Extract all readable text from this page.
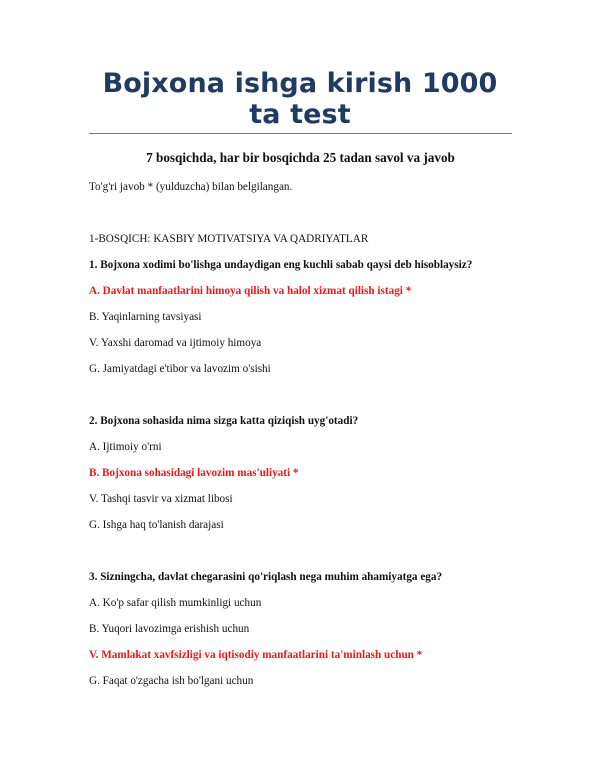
Bojxona ishga kirish 1000 ta test
7 bosqichda, har bir bosqichda 25 tadan savol va javob
To'g'ri javob * (yulduzcha) bilan belgilangan.
1-BOSQICH: KASBIY MOTIVATSIYA VA QADRIYATLAR
1. Bojxona xodimi bo'lishga undaydigan eng kuchli sabab qaysi deb hisoblaysiz?
A. Davlat manfaatlarini himoya qilish va halol xizmat qilish istagi *
B. Yaqinlarning tavsiyasi
V. Yaxshi daromad va ijtimoiy himoya
G. Jamiyatdagi e'tibor va lavozim o'sishi
2. Bojxona sohasida nima sizga katta qiziqish uyg'otadi?
A. Ijtimoiy o'rni
B. Bojxona sohasidagi lavozim mas'uliyati *
V. Tashqi tasvir va xizmat libosi
G. Ishga haq to'lanish darajasi
3. Sizningcha, davlat chegarasini qo'riqlash nega muhim ahamiyatga ega?
A. Ko'p safar qilish mumkinligi uchun
B. Yuqori lavozimga erishish uchun
V. Mamlakat xavfsizligi va iqtisodiy manfaatlarini ta'minlash uchun *
G. Faqat o'zgacha ish bo'lgani uchun
